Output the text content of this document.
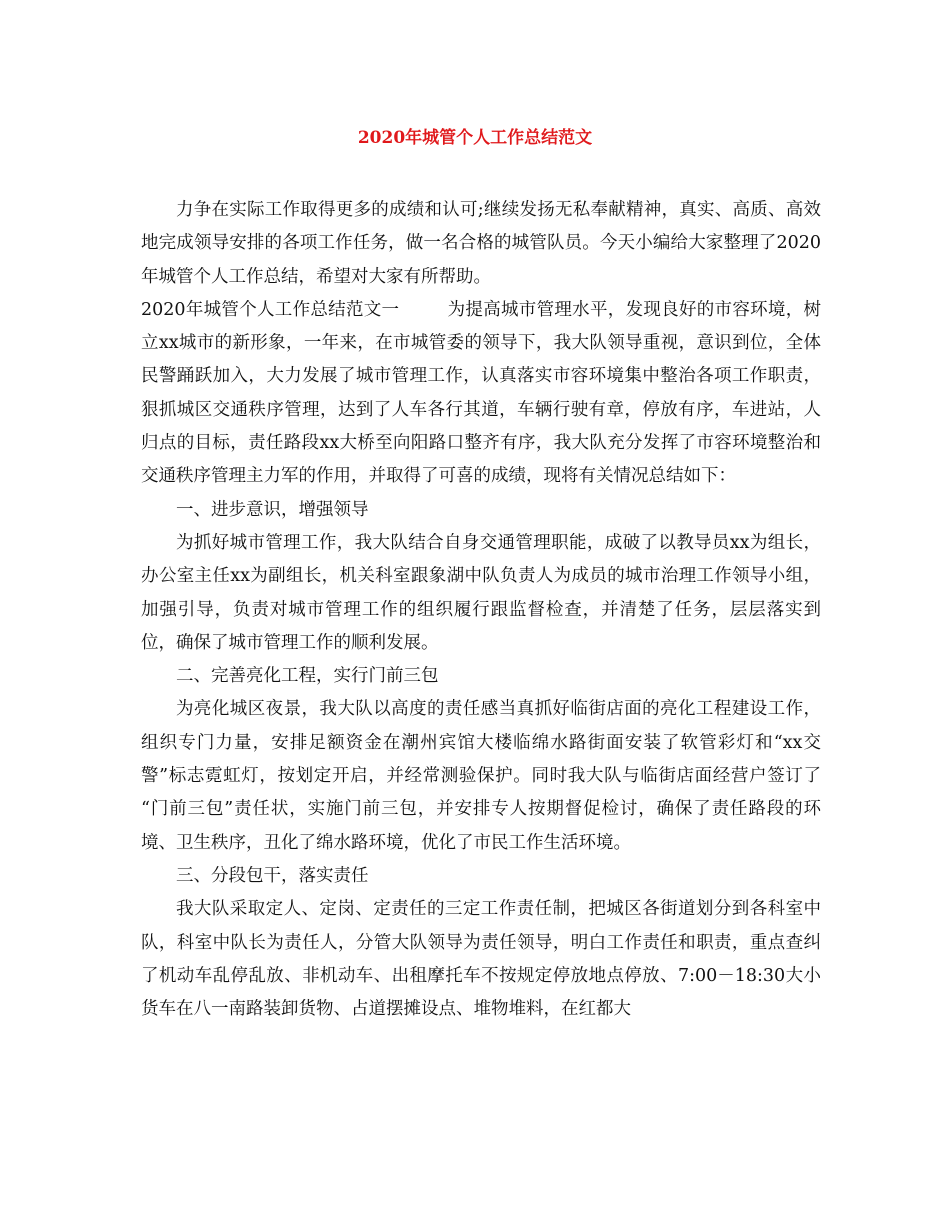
2020年城管个人工作总结范文

力争在实际工作取得更多的成绩和认可;继续发扬无私奉献精神，真实、高质、高效地完成领导安排的各项工作任务，做一名合格的城管队员。今天小编给大家整理了2020年城管个人工作总结，希望对大家有所帮助。

2020年城管个人工作总结范文一	为提高城市管理水平，发现良好的市容环境，树立xx城市的新形象，一年来，在市城管委的领导下，我大队领导重视，意识到位，全体民警踊跃加入，大力发展了城市管理工作，认真落实市容环境集中整治各项工作职责，狠抓城区交通秩序管理，达到了人车各行其道，车辆行驶有章，停放有序，车进站，人归点的目标，责任路段xx大桥至向阳路口整齐有序，我大队充分发挥了市容环境整治和交通秩序管理主力军的作用，并取得了可喜的成绩，现将有关情况总结如下：

一、进步意识，增强领导

为抓好城市管理工作，我大队结合自身交通管理职能，成破了以教导员xx为组长，办公室主任xx为副组长，机关科室跟象湖中队负责人为成员的城市治理工作领导小组，加强引导，负责对城市管理工作的组织履行跟监督检查，并清楚了任务，层层落实到位，确保了城市管理工作的顺利发展。

二、完善亮化工程，实行门前三包

为亮化城区夜景，我大队以高度的责任感当真抓好临街店面的亮化工程建设工作，组织专门力量，安排足额资金在潮州宾馆大楼临绵水路街面安装了软管彩灯和“xx交警”标志霓虹灯，按划定开启，并经常测验保护。同时我大队与临街店面经营户签订了 “门前三包”责任状，实施门前三包，并安排专人按期督促检讨，确保了责任路段的环境、卫生秩序，丑化了绵水路环境，优化了市民工作生活环境。

三、分段包干，落实责任

我大队采取定人、定岗、定责任的三定工作责任制，把城区各街道划分到各科室中队，科室中队长为责任人，分管大队领导为责任领导，明白工作责任和职责，重点查纠了机动车乱停乱放、非机动车、出租摩托车不按规定停放地点停放、7:00－18:30大小货车在八一南路装卸货物、占道摆摊设点、堆物堆料，在红都大
